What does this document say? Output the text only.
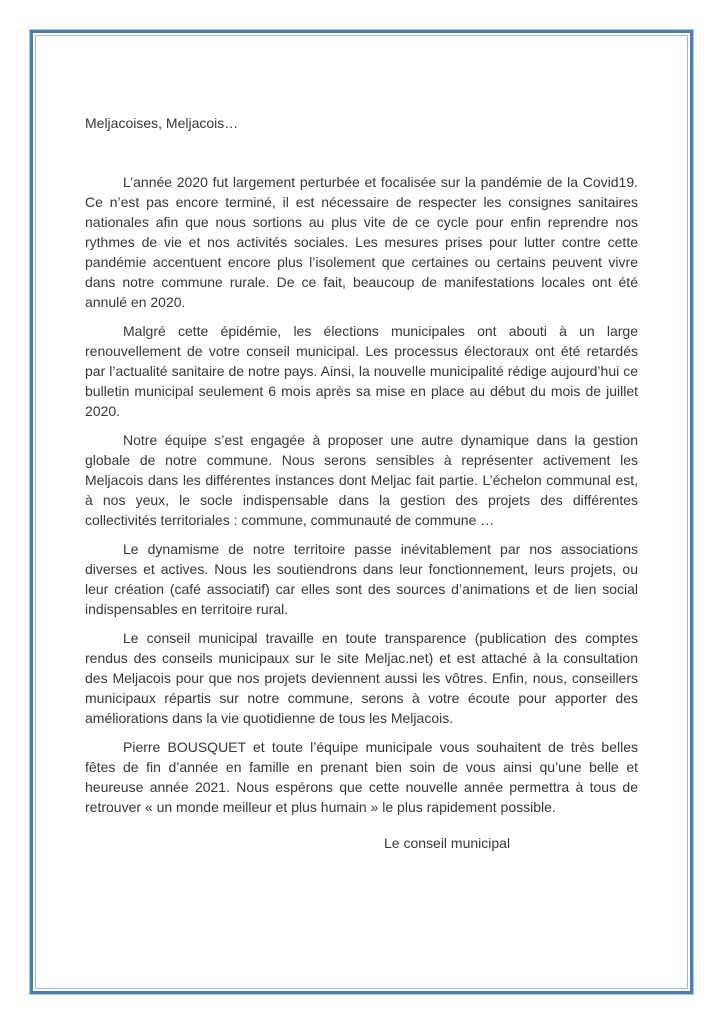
Meljacoises, Meljacois…

L’année 2020 fut largement perturbée et focalisée sur la pandémie de la Covid19. Ce n’est pas encore terminé, il est nécessaire de respecter les consignes sanitaires nationales afin que nous sortions au plus vite de ce cycle pour enfin reprendre nos rythmes de vie et nos activités sociales. Les mesures prises pour lutter contre cette pandémie accentuent encore plus l’isolement que certaines ou certains peuvent vivre dans notre commune rurale. De ce fait, beaucoup de manifestations locales ont été annulé en 2020.

Malgré cette épidémie, les élections municipales ont abouti à un large renouvellement de votre conseil municipal. Les processus électoraux ont été retardés par l’actualité sanitaire de notre pays. Ainsi, la nouvelle municipalité rédige aujourd’hui ce bulletin municipal seulement 6 mois après sa mise en place au début du mois de juillet 2020.

Notre équipe s’est engagée à proposer une autre dynamique dans la gestion globale de notre commune. Nous serons sensibles à représenter activement les Meljacois dans les différentes instances dont Meljac fait partie. L’échelon communal est, à nos yeux, le socle indispensable dans la gestion des projets des différentes collectivités territoriales : commune, communauté de commune …

Le dynamisme de notre territoire passe inévitablement par nos associations diverses et actives. Nous les soutiendrons dans leur fonctionnement, leurs projets, ou leur création (café associatif) car elles sont des sources d’animations et de lien social indispensables en territoire rural.

Le conseil municipal travaille en toute transparence (publication des comptes rendus des conseils municipaux sur le site Meljac.net) et est attaché à la consultation des Meljacois pour que nos projets deviennent aussi les vôtres. Enfin, nous, conseillers municipaux répartis sur notre commune, serons à votre écoute pour apporter des améliorations dans la vie quotidienne de tous les Meljacois.

Pierre BOUSQUET et toute l’équipe municipale vous souhaitent de très belles fêtes de fin d’année en famille en prenant bien soin de vous ainsi qu’une belle et heureuse année 2021. Nous espérons que cette nouvelle année permettra à tous de retrouver « un monde meilleur et plus humain » le plus rapidement possible.

Le conseil municipal
